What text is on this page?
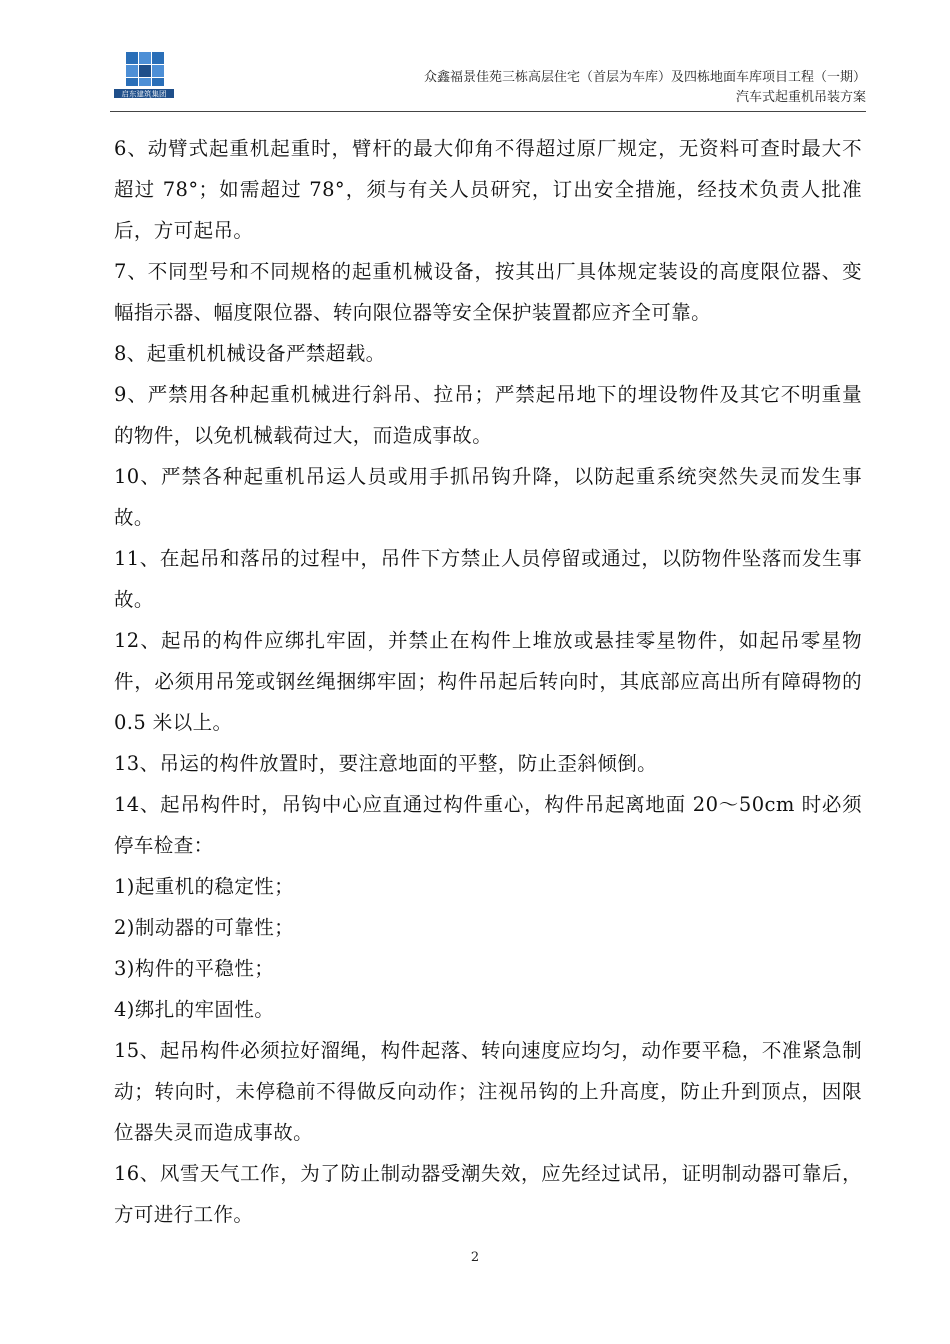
启东建筑集团
众鑫福景佳苑三栋高层住宅（首层为车库）及四栋地面车库项目工程（一期）
汽车式起重机吊装方案

6、动臂式起重机起重时，臂杆的最大仰角不得超过原厂规定，无资料可查时最大不超过 78°；如需超过 78°，须与有关人员研究，订出安全措施，经技术负责人批准后，方可起吊。

7、不同型号和不同规格的起重机械设备，按其出厂具体规定装设的高度限位器、变幅指示器、幅度限位器、转向限位器等安全保护装置都应齐全可靠。

8、起重机机械设备严禁超载。

9、严禁用各种起重机械进行斜吊、拉吊；严禁起吊地下的埋设物件及其它不明重量的物件，以免机械载荷过大，而造成事故。

10、严禁各种起重机吊运人员或用手抓吊钩升降，以防起重系统突然失灵而发生事故。

11、在起吊和落吊的过程中，吊件下方禁止人员停留或通过，以防物件坠落而发生事故。

12、起吊的构件应绑扎牢固，并禁止在构件上堆放或悬挂零星物件，如起吊零星物件，必须用吊笼或钢丝绳捆绑牢固；构件吊起后转向时，其底部应高出所有障碍物的 0.5 米以上。

13、吊运的构件放置时，要注意地面的平整，防止歪斜倾倒。

14、起吊构件时，吊钩中心应直通过构件重心，构件吊起离地面 20～50cm 时必须停车检查：

1)起重机的稳定性；

2)制动器的可靠性；

3)构件的平稳性；

4)绑扎的牢固性。

15、起吊构件必须拉好溜绳，构件起落、转向速度应均匀，动作要平稳，不准紧急制动；转向时，未停稳前不得做反向动作；注视吊钩的上升高度，防止升到顶点，因限位器失灵而造成事故。

16、风雪天气工作，为了防止制动器受潮失效，应先经过试吊，证明制动器可靠后，方可进行工作。

2
